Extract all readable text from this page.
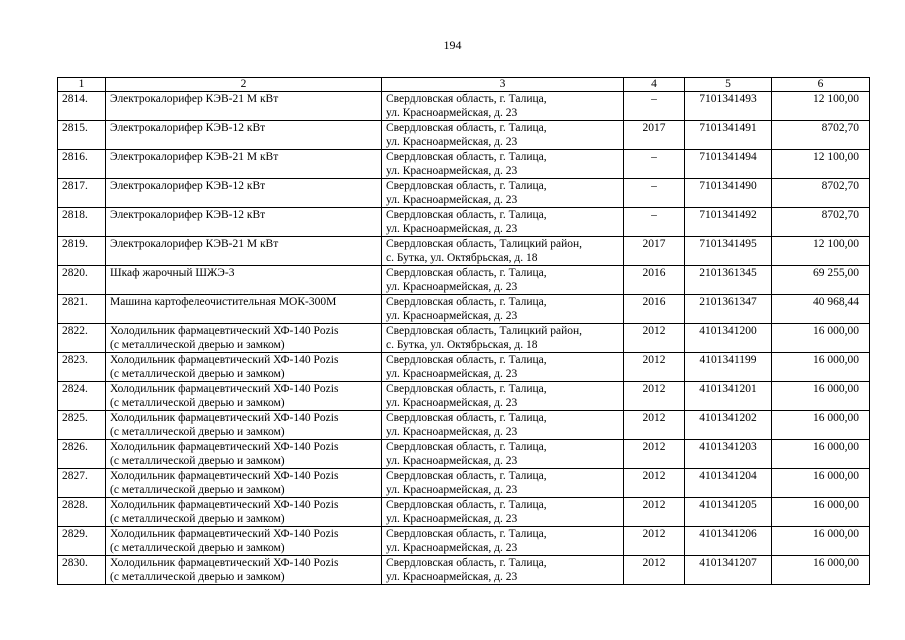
194
1	2	3	4	5	6
2814.	Электрокалорифер КЭВ-21 М кВт	Свердловская область, г. Талица,
ул. Красноармейская, д. 23	–	7101341493	12 100,00
2815.	Электрокалорифер КЭВ-12 кВт	Свердловская область, г. Талица,
ул. Красноармейская, д. 23	2017	7101341491	8702,70
2816.	Электрокалорифер КЭВ-21 М кВт	Свердловская область, г. Талица,
ул. Красноармейская, д. 23	–	7101341494	12 100,00
2817.	Электрокалорифер КЭВ-12 кВт	Свердловская область, г. Талица,
ул. Красноармейская, д. 23	–	7101341490	8702,70
2818.	Электрокалорифер КЭВ-12 кВт	Свердловская область, г. Талица,
ул. Красноармейская, д. 23	–	7101341492	8702,70
2819.	Электрокалорифер КЭВ-21 М кВт	Свердловская область, Талицкий район,
с. Бутка, ул. Октябрьская, д. 18	2017	7101341495	12 100,00
2820.	Шкаф жарочный ШЖЭ-3	Свердловская область, г. Талица,
ул. Красноармейская, д. 23	2016	2101361345	69 255,00
2821.	Машина картофелеочистительная МОК-300М	Свердловская область, г. Талица,
ул. Красноармейская, д. 23	2016	2101361347	40 968,44
2822.	Холодильник фармацевтический ХФ-140 Pozis
(с металлической дверью и замком)	Свердловская область, Талицкий район,
с. Бутка, ул. Октябрьская, д. 18	2012	4101341200	16 000,00
2823.	Холодильник фармацевтический ХФ-140 Pozis
(с металлической дверью и замком)	Свердловская область, г. Талица,
ул. Красноармейская, д. 23	2012	4101341199	16 000,00
2824.	Холодильник фармацевтический ХФ-140 Pozis
(с металлической дверью и замком)	Свердловская область, г. Талица,
ул. Красноармейская, д. 23	2012	4101341201	16 000,00
2825.	Холодильник фармацевтический ХФ-140 Pozis
(с металлической дверью и замком)	Свердловская область, г. Талица,
ул. Красноармейская, д. 23	2012	4101341202	16 000,00
2826.	Холодильник фармацевтический ХФ-140 Pozis
(с металлической дверью и замком)	Свердловская область, г. Талица,
ул. Красноармейская, д. 23	2012	4101341203	16 000,00
2827.	Холодильник фармацевтический ХФ-140 Pozis
(с металлической дверью и замком)	Свердловская область, г. Талица,
ул. Красноармейская, д. 23	2012	4101341204	16 000,00
2828.	Холодильник фармацевтический ХФ-140 Pozis
(с металлической дверью и замком)	Свердловская область, г. Талица,
ул. Красноармейская, д. 23	2012	4101341205	16 000,00
2829.	Холодильник фармацевтический ХФ-140 Pozis
(с металлической дверью и замком)	Свердловская область, г. Талица,
ул. Красноармейская, д. 23	2012	4101341206	16 000,00
2830.	Холодильник фармацевтический ХФ-140 Pozis
(с металлической дверью и замком)	Свердловская область, г. Талица,
ул. Красноармейская, д. 23	2012	4101341207	16 000,00
